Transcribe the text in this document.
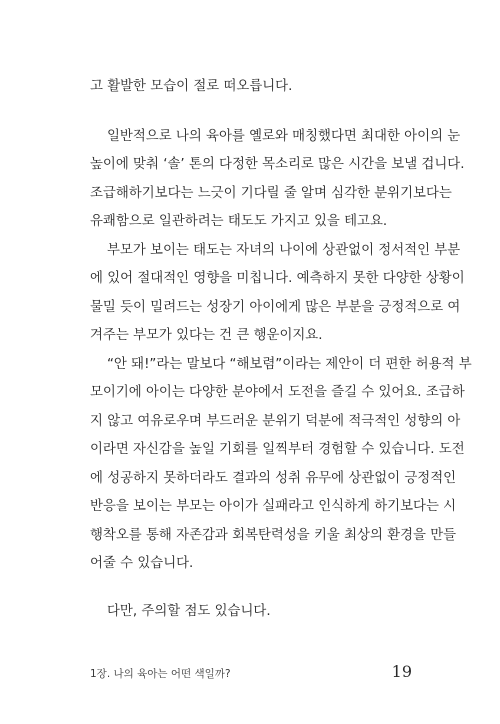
고 활발한 모습이 절로 떠오릅니다.
일반적으로 나의 육아를 옐로와 매칭했다면 최대한 아이의 눈
높이에 맞춰 ‘솔’ 톤의 다정한 목소리로 많은 시간을 보낼 겁니다.
조급해하기보다는 느긋이 기다릴 줄 알며 심각한 분위기보다는
유쾌함으로 일관하려는 태도도 가지고 있을 테고요.
부모가 보이는 태도는 자녀의 나이에 상관없이 정서적인 부분
에 있어 절대적인 영향을 미칩니다. 예측하지 못한 다양한 상황이
물밀 듯이 밀려드는 성장기 아이에게 많은 부분을 긍정적으로 여
겨주는 부모가 있다는 건 큰 행운이지요.
“안 돼!”라는 말보다 “해보렴”이라는 제안이 더 편한 허용적 부
모이기에 아이는 다양한 분야에서 도전을 즐길 수 있어요. 조급하
지 않고 여유로우며 부드러운 분위기 덕분에 적극적인 성향의 아
이라면 자신감을 높일 기회를 일찍부터 경험할 수 있습니다. 도전
에 성공하지 못하더라도 결과의 성취 유무에 상관없이 긍정적인
반응을 보이는 부모는 아이가 실패라고 인식하게 하기보다는 시
행착오를 통해 자존감과 회복탄력성을 키울 최상의 환경을 만들
어줄 수 있습니다.
다만, 주의할 점도 있습니다.
1장. 나의 육아는 어떤 색일까?	19
